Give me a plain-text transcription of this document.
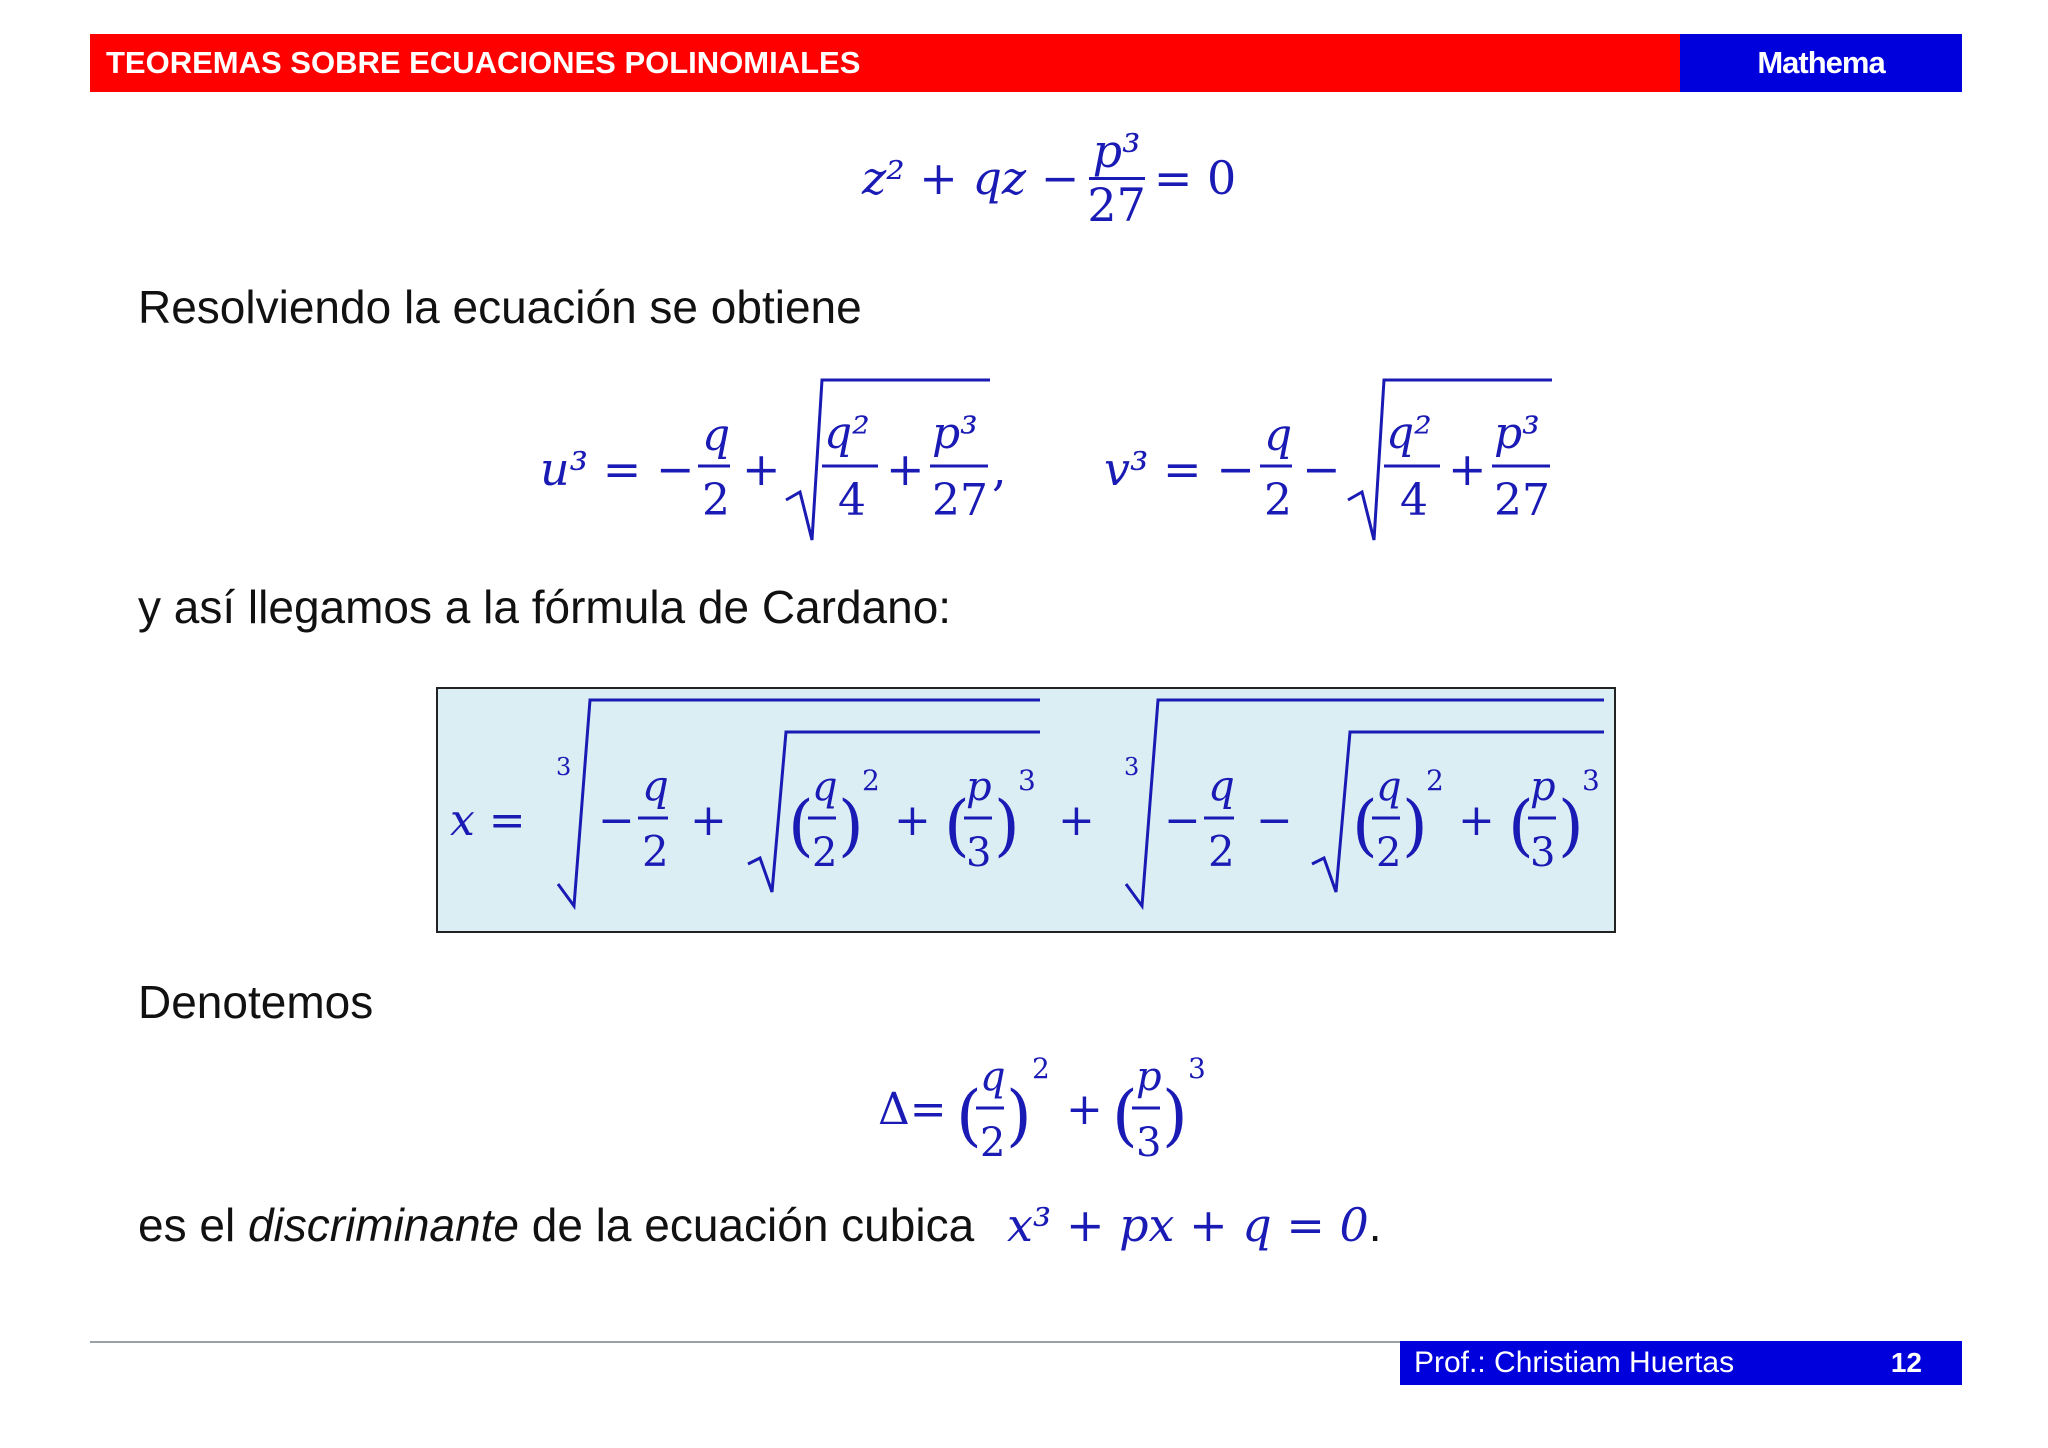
TEOREMAS SOBRE ECUACIONES POLINOMIALES	Mathema
z² + qz − $\frac{\text{p³}}{27} = 0$
Resolviendo la ecuación se obtiene
u³ = −
q
2
+
q²
4
+
p³
27
, v³ = −
q
2
−
q²
4
+
p³
27
y así llegamos a la fórmula de Cardano:
x =
3
−
q
2
+ (
q
2 )
2
+ (
p
3 )
3
+
3
−
q
2
− (
q
2 )
2
+ (
p
3 )
3
Denotemos
Δ= (
q
2 )
2
+ (
p
3 )
3
es el discriminante de la ecuación cubica x³ + px + q = 0.
Prof.: Christiam Huertas	12
